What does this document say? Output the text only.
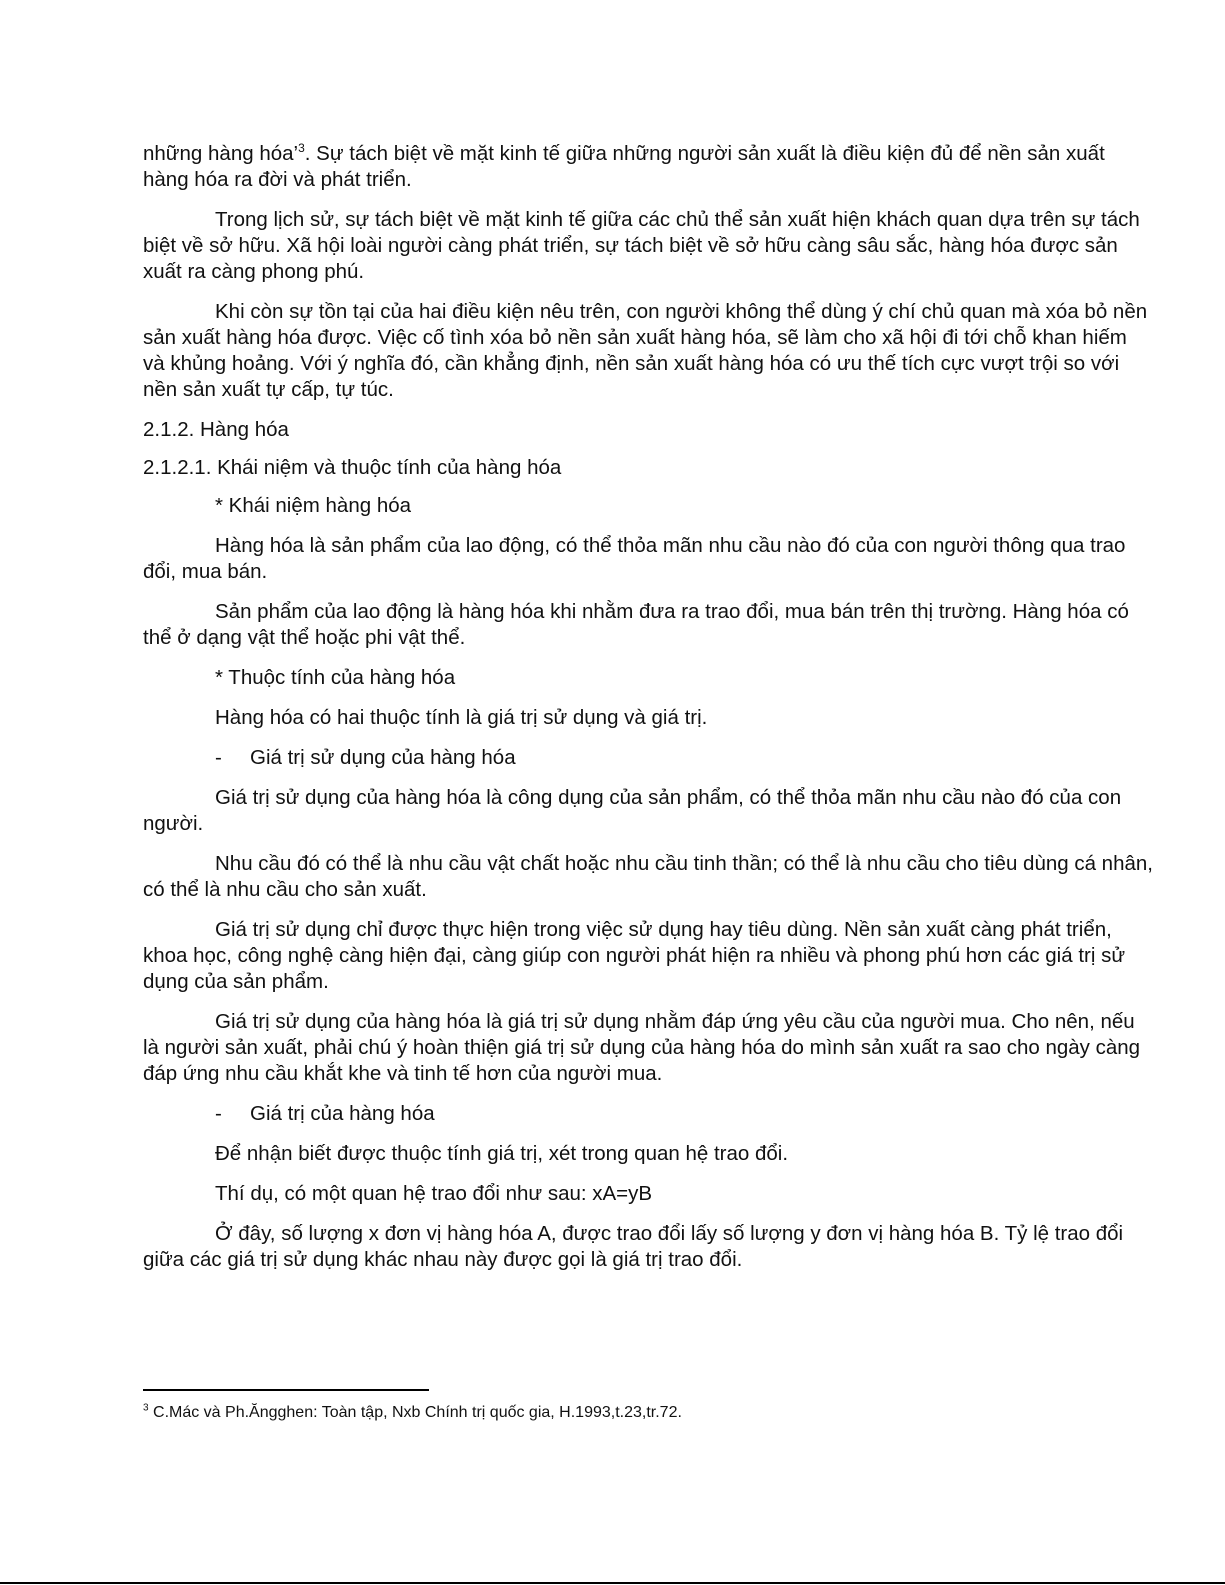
những hàng hóa’$^3$. Sự tách biệt về mặt kinh tế giữa những người sản xuất là điều kiện đủ để nền sản xuất hàng hóa ra đời và phát triển.

Trong lịch sử, sự tách biệt về mặt kinh tế giữa các chủ thể sản xuất hiện khách quan dựa trên sự tách biệt về sở hữu. Xã hội loài người càng phát triển, sự tách biệt về sở hữu càng sâu sắc, hàng hóa được sản xuất ra càng phong phú.

Khi còn sự tồn tại của hai điều kiện nêu trên, con người không thể dùng ý chí chủ quan mà xóa bỏ nền sản xuất hàng hóa được. Việc cố tình xóa bỏ nền sản xuất hàng hóa, sẽ làm cho xã hội đi tới chỗ khan hiếm và khủng hoảng. Với ý nghĩa đó, cần khẳng định, nền sản xuất hàng hóa có ưu thế tích cực vượt trội so với nền sản xuất tự cấp, tự túc.

2.1.2. Hàng hóa

2.1.2.1. Khái niệm và thuộc tính của hàng hóa

* Khái niệm hàng hóa

Hàng hóa là sản phẩm của lao động, có thể thỏa mãn nhu cầu nào đó của con người thông qua trao đổi, mua bán.

Sản phẩm của lao động là hàng hóa khi nhằm đưa ra trao đổi, mua bán trên thị trường. Hàng hóa có thể ở dạng vật thể hoặc phi vật thể.

* Thuộc tính của hàng hóa

Hàng hóa có hai thuộc tính là giá trị sử dụng và giá trị.

-	Giá trị sử dụng của hàng hóa

Giá trị sử dụng của hàng hóa là công dụng của sản phẩm, có thể thỏa mãn nhu cầu nào đó của con người.

Nhu cầu đó có thể là nhu cầu vật chất hoặc nhu cầu tinh thần; có thể là nhu cầu cho tiêu dùng cá nhân, có thể là nhu cầu cho sản xuất.

Giá trị sử dụng chỉ được thực hiện trong việc sử dụng hay tiêu dùng. Nền sản xuất càng phát triển, khoa học, công nghệ càng hiện đại, càng giúp con người phát hiện ra nhiều và phong phú hơn các giá trị sử dụng của sản phẩm.

Giá trị sử dụng của hàng hóa là giá trị sử dụng nhằm đáp ứng yêu cầu của người mua. Cho nên, nếu là người sản xuất, phải chú ý hoàn thiện giá trị sử dụng của hàng hóa do mình sản xuất ra sao cho ngày càng đáp ứng nhu cầu khắt khe và tinh tế hơn của người mua.

-	Giá trị của hàng hóa

Để nhận biết được thuộc tính giá trị, xét trong quan hệ trao đổi.

Thí dụ, có một quan hệ trao đổi như sau: xA=yB

Ở đây, số lượng x đơn vị hàng hóa A, được trao đổi lấy số lượng y đơn vị hàng hóa B. Tỷ lệ trao đổi giữa các giá trị sử dụng khác nhau này được gọi là giá trị trao đổi.

$^3$ C.Mác và Ph.Ăngghen: Toàn tập, Nxb Chính trị quốc gia, H.1993,t.23,tr.72.
